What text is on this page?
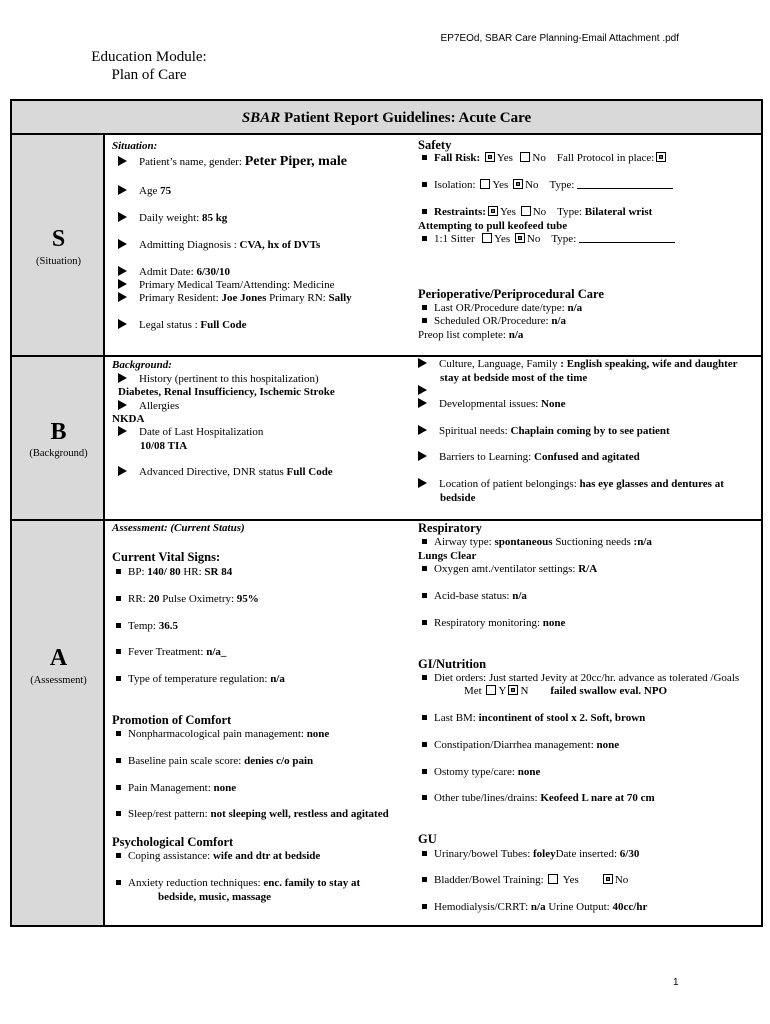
EP7EOd, SBAR Care Planning-Email Attachment .pdf
Education Module:
Plan of Care
SBAR Patient Report Guidelines: Acute Care
S
(Situation)
B
(Background)
A
(Assessment)
Situation:
Patient’s name, gender: Peter Piper, male
Age 75
Daily weight: 85 kg
Admitting Diagnosis : CVA, hx of DVTs
Admit Date: 6/30/10
Primary Medical Team/Attending: Medicine
Primary Resident: Joe Jones Primary RN: Sally
Legal status : Full Code
Safety
Fall Risk: Yes No Fall Protocol in place:
Isolation: Yes No Type:
Restraints: Yes No Type: Bilateral wrist
Attempting to pull keofeed tube
1:1 Sitter Yes No Type:
Perioperative/Periprocedural Care
Last OR/Procedure date/type: n/a
Scheduled OR/Procedure: n/a
Preop list complete: n/a
Background:
History (pertinent to this hospitalization)
Diabetes, Renal Insufficiency, Ischemic Stroke
Allergies
NKDA
Date of Last Hospitalization
10/08 TIA
Advanced Directive, DNR status Full Code
Culture, Language, Family : English speaking, wife and daughter
stay at bedside most of the time
Developmental issues: None
Spiritual needs: Chaplain coming by to see patient
Barriers to Learning: Confused and agitated
Location of patient belongings: has eye glasses and dentures at
bedside
Assessment: (Current Status)
Current Vital Signs:
BP: 140/ 80 HR: SR 84
RR: 20 Pulse Oximetry: 95%
Temp: 36.5
Fever Treatment: n/a_
Type of temperature regulation: n/a
Promotion of Comfort
Nonpharmacological pain management: none
Baseline pain scale score: denies c/o pain
Pain Management: none
Sleep/rest pattern: not sleeping well, restless and agitated
Psychological Comfort
Coping assistance: wife and dtr at bedside
Anxiety reduction techniques: enc. family to stay at
bedside, music, massage
Respiratory
Airway type: spontaneous Suctioning needs :n/a
Lungs Clear
Oxygen amt./ventilator settings: R/A
Acid-base status: n/a
Respiratory monitoring: none
GI/Nutrition
Diet orders: Just started Jevity at 20cc/hr. advance as tolerated /Goals
Met Y N failed swallow eval. NPO
Last BM: incontinent of stool x 2. Soft, brown
Constipation/Diarrhea management: none
Ostomy type/care: none
Other tube/lines/drains: Keofeed L nare at 70 cm
GU
Urinary/bowel Tubes: foleyDate inserted: 6/30
Bladder/Bowel Training:  Yes	No
Hemodialysis/CRRT: n/a Urine Output: 40cc/hr
1
